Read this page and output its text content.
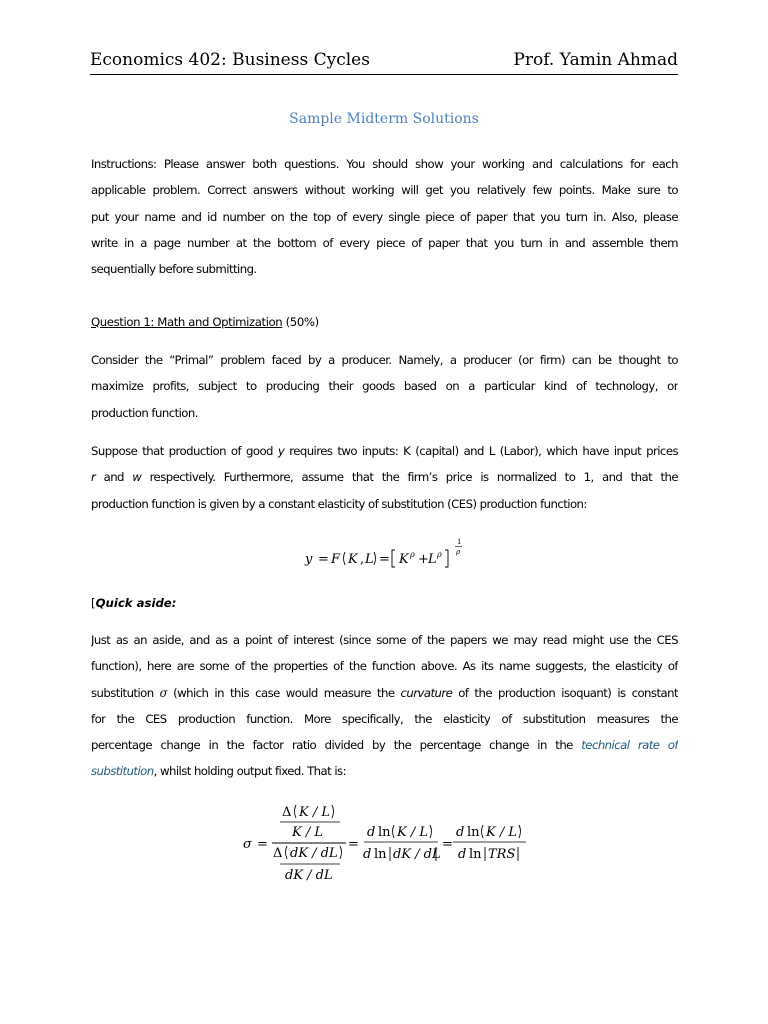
Economics 402: Business Cycles	Prof. Yamin Ahmad
Sample Midterm Solutions
Instructions: Please answer both questions. You should show your working and calculations for each
applicable problem. Correct answers without working will get you relatively few points. Make sure to
put your name and id number on the top of every single piece of paper that you turn in. Also, please
write in a page number at the bottom of every piece of paper that you turn in and assemble them
sequentially before submitting.
Question 1: Math and Optimization (50%)
Consider the “Primal” problem faced by a producer. Namely, a producer (or firm) can be thought to
maximize profits, subject to producing their goods based on a particular kind of technology, or
production function.
Suppose that production of good y requires two inputs: K (capital) and L (Labor), which have input prices
r and w respectively. Furthermore, assume that the firm’s price is normalized to 1, and that the
production function is given by a constant elasticity of substitution (CES) production function:
y = F K , L = K ρ + L ρ
1
ρ
[Quick aside:
Just as an aside, and as a point of interest (since some of the papers we may read might use the CES
function), here are some of the properties of the function above. As its name suggests, the elasticity of
substitution σ (which in this case would measure the curvature of the production isoquant) is constant
for the CES production function. More specifically, the elasticity of substitution measures the
percentage change in the factor ratio divided by the percentage change in the technical rate of
substitution, whilst holding output fixed. That is:
σ =
Δ K / L
K / L
Δ dK / dL
dK / dL
=
d ln K / L
d ln dK / dL
=
d ln K / L
d ln TRS
